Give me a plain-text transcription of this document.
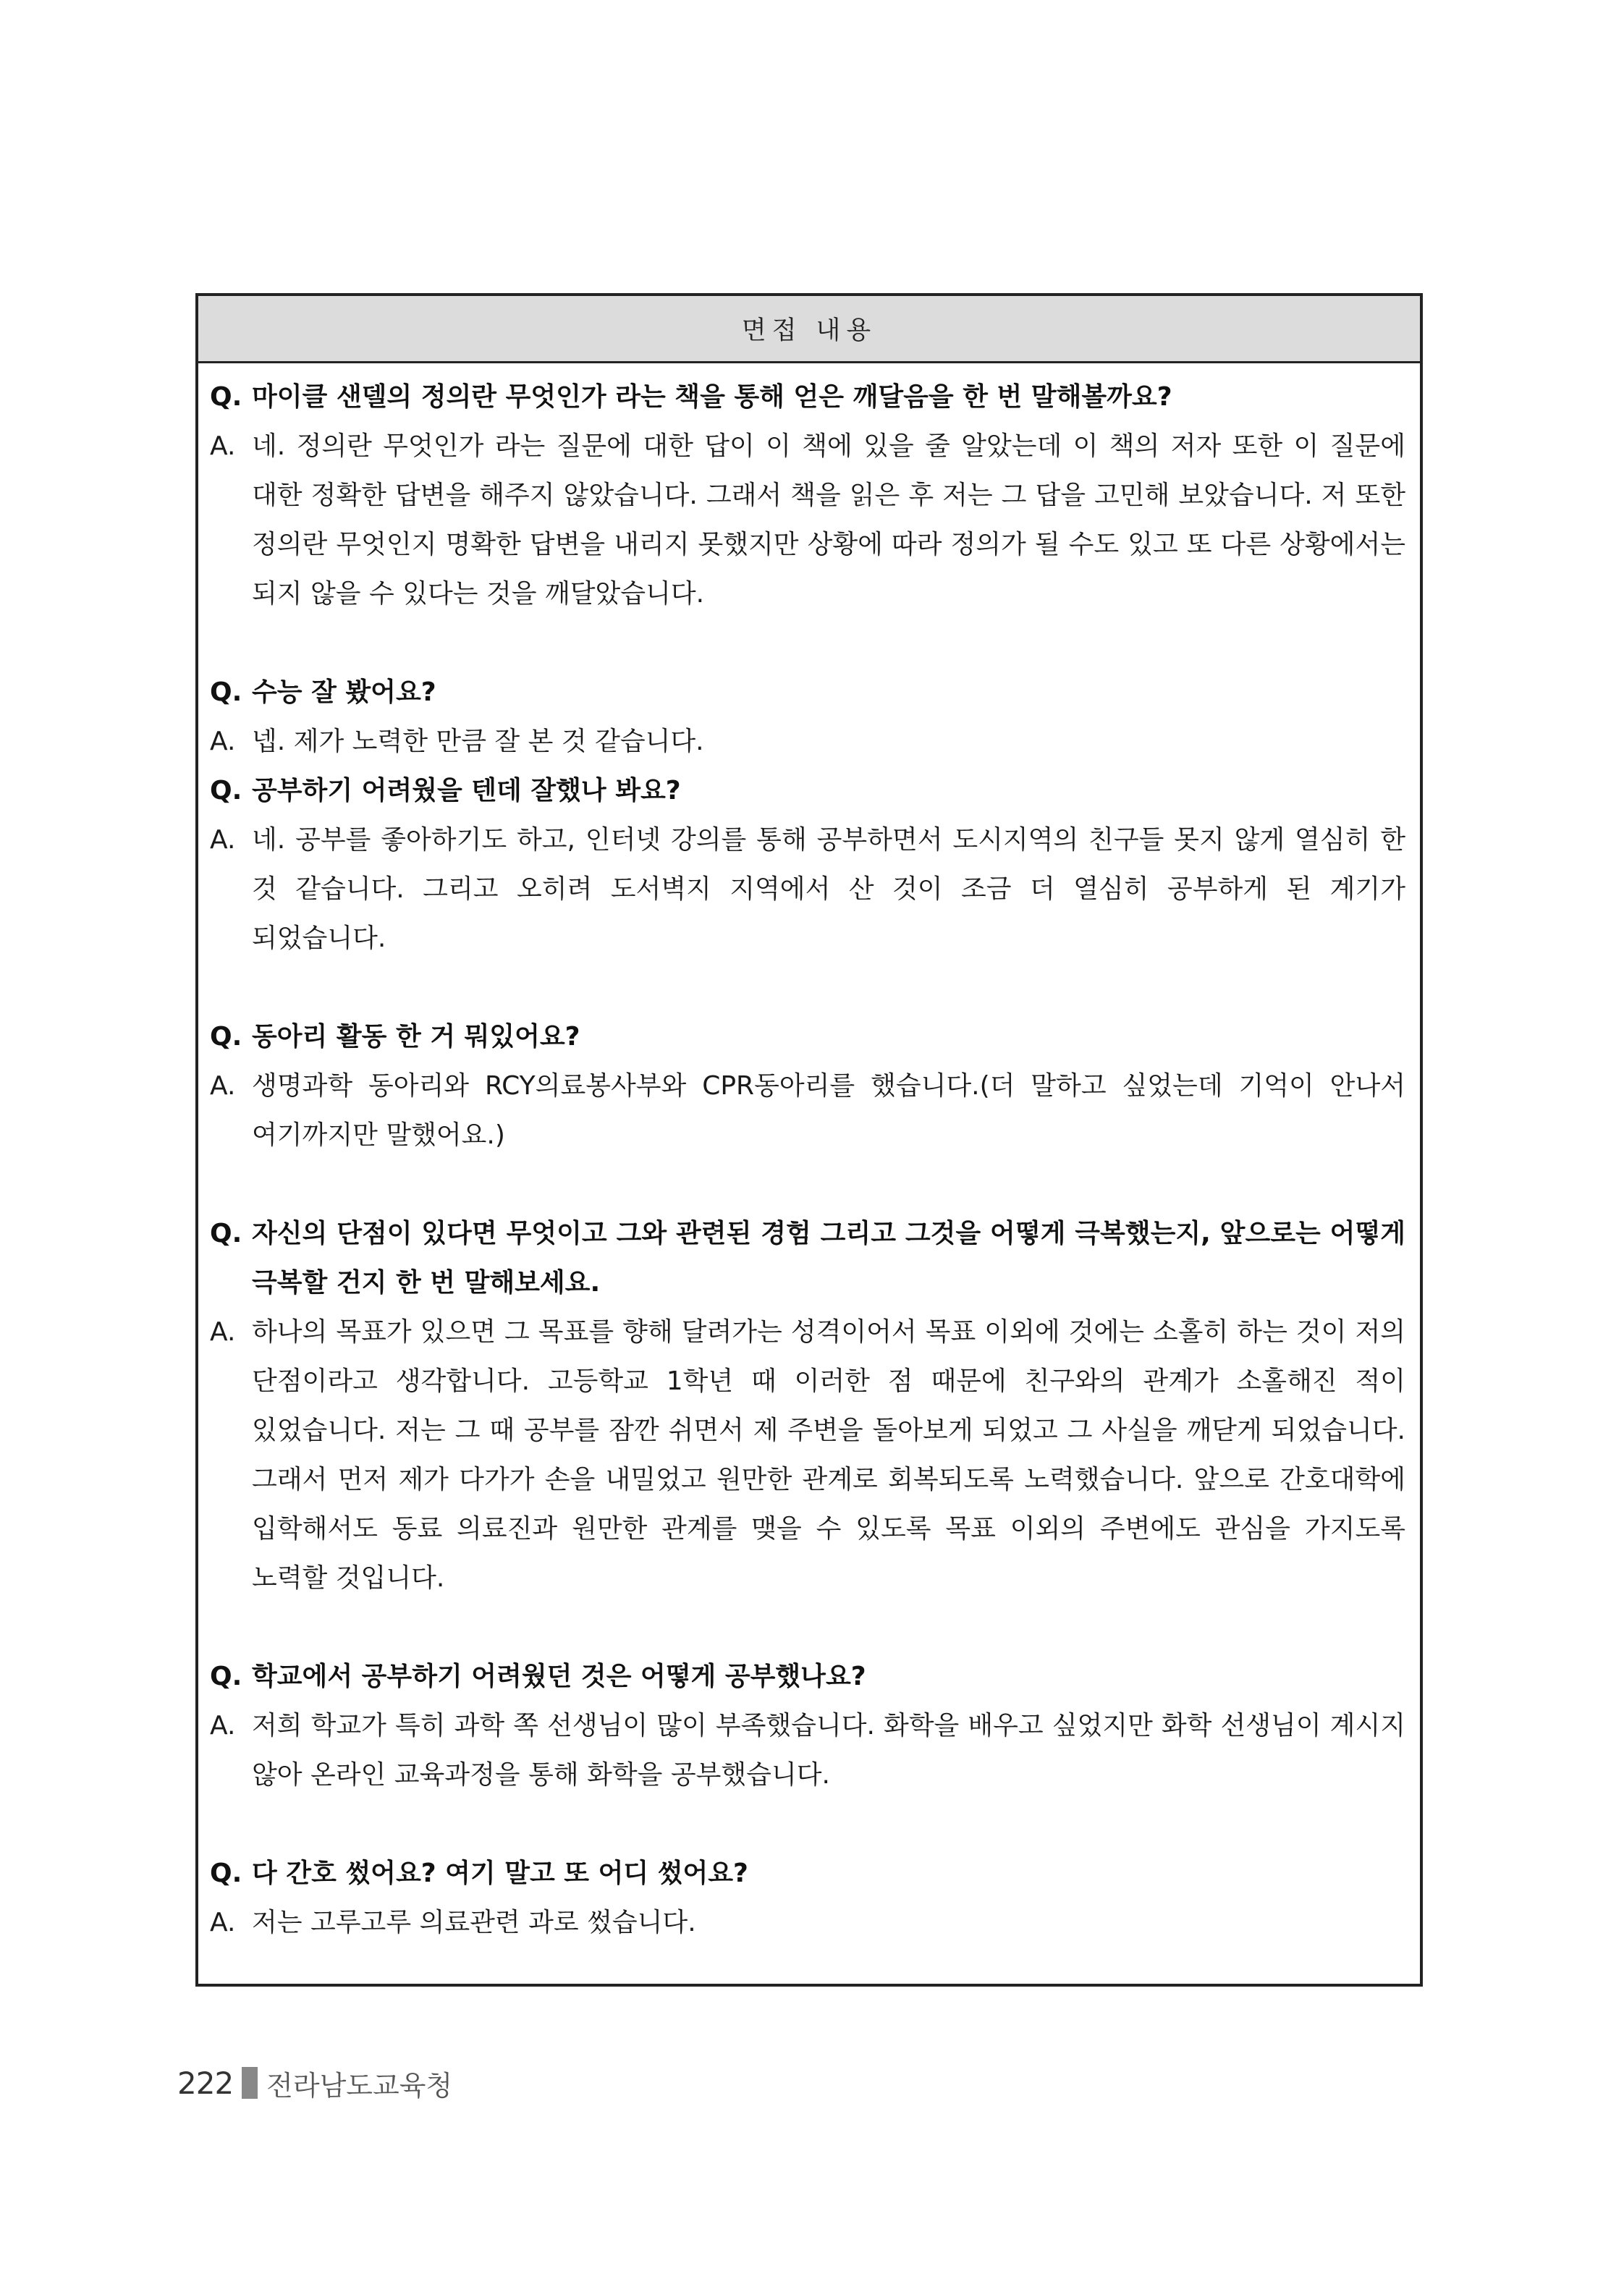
면접 내용
Q. 마이클 샌델의 정의란 무엇인가 라는 책을 통해 얻은 깨달음을 한 번 말해볼까요?
A. 네. 정의란 무엇인가 라는 질문에 대한 답이 이 책에 있을 줄 알았는데 이 책의 저자 또한 이 질문에 대한 정확한 답변을 해주지 않았습니다. 그래서 책을 읽은 후 저는 그 답을 고민해 보았습니다. 저 또한 정의란 무엇인지 명확한 답변을 내리지 못했지만 상황에 따라 정의가 될 수도 있고 또 다른 상황에서는 되지 않을 수 있다는 것을 깨달았습니다.
Q. 수능 잘 봤어요?
A. 넵. 제가 노력한 만큼 잘 본 것 같습니다.
Q. 공부하기 어려웠을 텐데 잘했나 봐요?
A. 네. 공부를 좋아하기도 하고, 인터넷 강의를 통해 공부하면서 도시지역의 친구들 못지 않게 열심히 한 것 같습니다. 그리고 오히려 도서벽지 지역에서 산 것이 조금 더 열심히 공부하게 된 계기가 되었습니다.
Q. 동아리 활동 한 거 뭐있어요?
A. 생명과학 동아리와 RCY의료봉사부와 CPR동아리를 했습니다.(더 말하고 싶었는데 기억이 안나서 여기까지만 말했어요.)
Q. 자신의 단점이 있다면 무엇이고 그와 관련된 경험 그리고 그것을 어떻게 극복했는지, 앞으로는 어떻게 극복할 건지 한 번 말해보세요.
A. 하나의 목표가 있으면 그 목표를 향해 달려가는 성격이어서 목표 이외에 것에는 소홀히 하는 것이 저의 단점이라고 생각합니다. 고등학교 1학년 때 이러한 점 때문에 친구와의 관계가 소홀해진 적이 있었습니다. 저는 그 때 공부를 잠깐 쉬면서 제 주변을 돌아보게 되었고 그 사실을 깨닫게 되었습니다. 그래서 먼저 제가 다가가 손을 내밀었고 원만한 관계로 회복되도록 노력했습니다. 앞으로 간호대학에 입학해서도 동료 의료진과 원만한 관계를 맺을 수 있도록 목표 이외의 주변에도 관심을 가지도록 노력할 것입니다.
Q. 학교에서 공부하기 어려웠던 것은 어떻게 공부했나요?
A. 저희 학교가 특히 과학 쪽 선생님이 많이 부족했습니다. 화학을 배우고 싶었지만 화학 선생님이 계시지 않아 온라인 교육과정을 통해 화학을 공부했습니다.
Q. 다 간호 썼어요? 여기 말고 또 어디 썼어요?
A. 저는 고루고루 의료관련 과로 썼습니다.
222 전라남도교육청
